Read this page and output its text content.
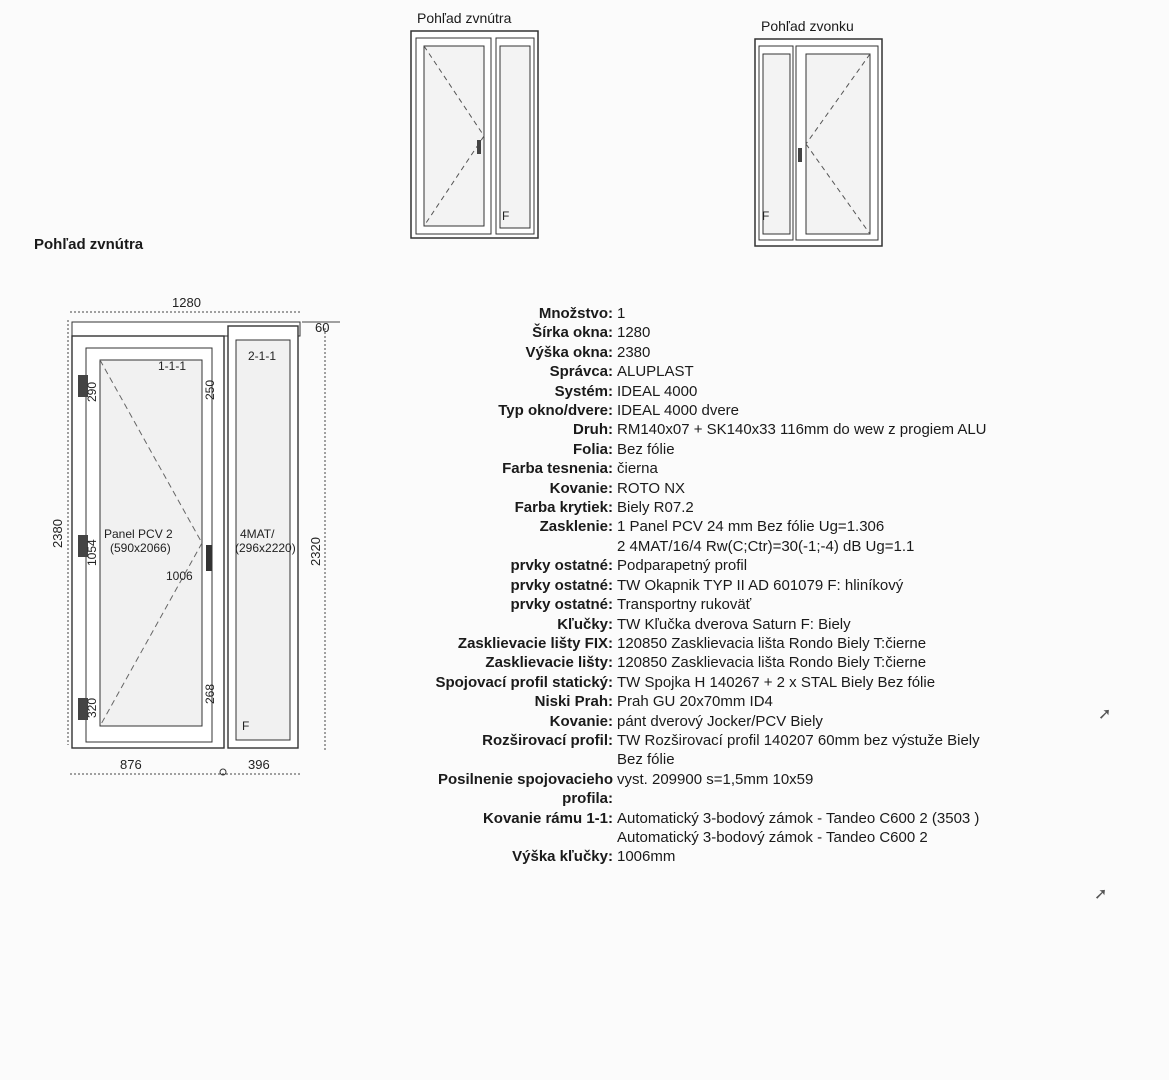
Pohľad zvnútra	Pohľad zvonku
F	F
Pohľad zvnútra
1280
2380
2320
60
1-1-1
2-1-1
Panel PCV 2
(590x2066)
4MAT/
(296x2220)
250
268
1006
290
1054
320
F
876	396
Množstvo: 1
Šírka okna: 1280
Výška okna: 2380
Správca: ALUPLAST
Systém: IDEAL 4000
Typ okno/dvere: IDEAL 4000 dvere
Druh: RM140x07 + SK140x33 116mm do wew z progiem ALU
Folia: Bez fólie
Farba tesnenia: čierna
Kovanie: ROTO NX
Farba krytiek: Biely R07.2
Zasklenie: 1 Panel PCV 24 mm Bez fólie Ug=1.306
2 4MAT/16/4 Rw(C;Ctr)=30(-1;-4) dB Ug=1.1
prvky ostatné: Podparapetný profil
prvky ostatné: TW Okapnik TYP II AD 601079 F: hliníkový
prvky ostatné: Transportny rukoväť
Kľučky: TW Kľučka dverova Saturn F: Biely
Zasklievacie lišty FIX: 120850 Zasklievacia lišta Rondo Biely T:čierne
Zasklievacie lišty: 120850 Zasklievacia lišta Rondo Biely T:čierne
Spojovací profil statický: TW Spojka H 140267 + 2 x STAL Biely Bez fólie
Niski Prah: Prah GU 20x70mm ID4
Kovanie: pánt dverový Jocker/PCV Biely
Rozširovací profil: TW Rozširovací profil 140207 60mm bez výstuže Biely
Bez fólie
Posilnenie spojovacieho profila:
vyst. 209900 s=1,5mm 10x59
Kovanie rámu 1-1: Automatický 3-bodový zámok - Tandeo C600 2 (3503 )
Automatický 3-bodový zámok - Tandeo C600 2
Výška kľučky: 1006mm
➚
➚
